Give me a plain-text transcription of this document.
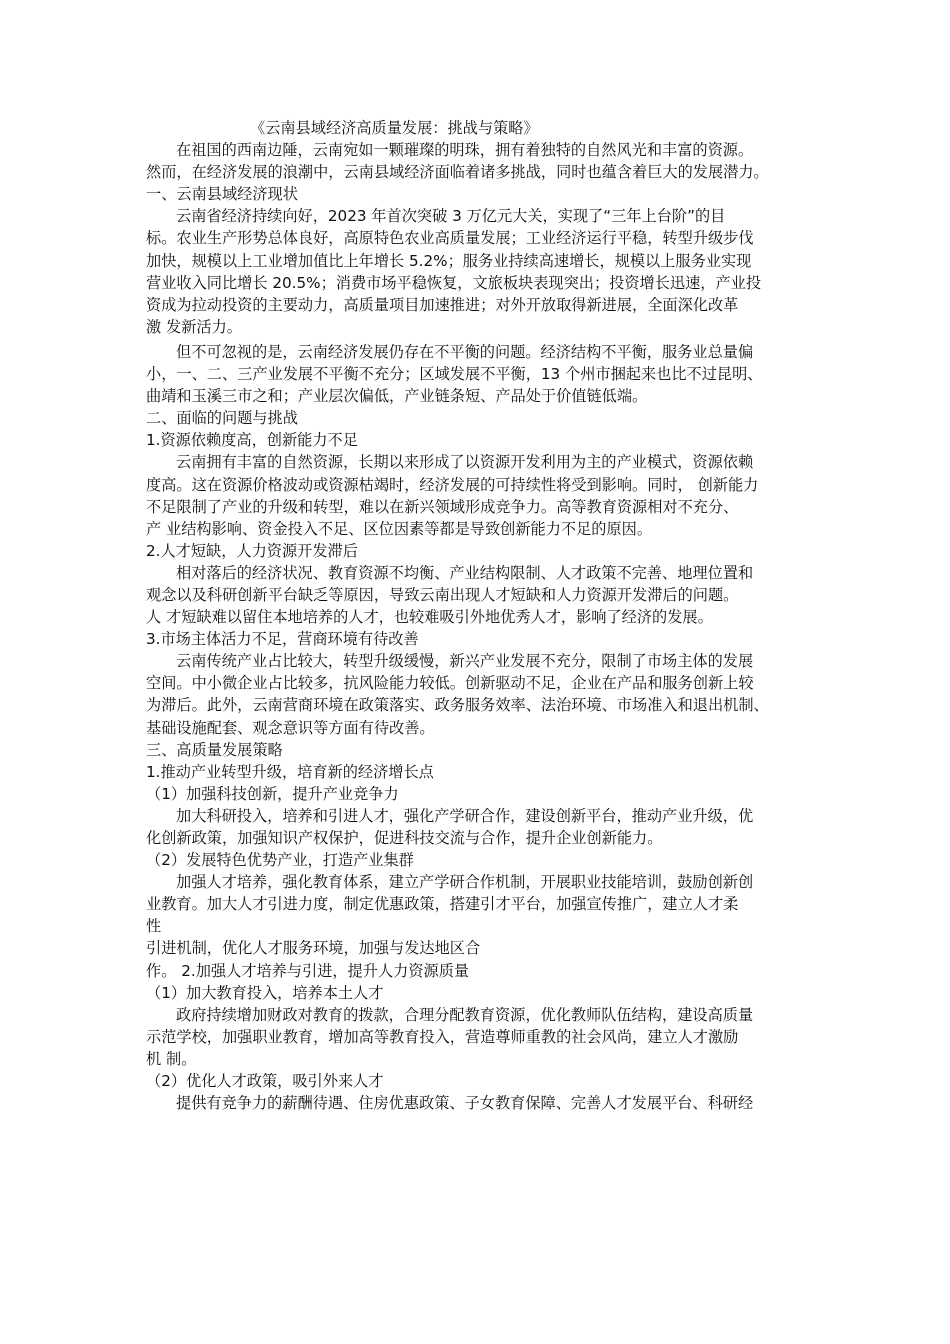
《云南县域经济高质量发展：挑战与策略》
在祖国的西南边陲，云南宛如一颗璀璨的明珠，拥有着独特的自然风光和丰富的资源。
然而，在经济发展的浪潮中，云南县域经济面临着诸多挑战，同时也蕴含着巨大的发展潜力。
一、云南县域经济现状
云南省经济持续向好，2023 年首次突破 3 万亿元大关，实现了“三年上台阶”的目
标。农业生产形势总体良好，高原特色农业高质量发展；工业经济运行平稳，转型升级步伐
加快，规模以上工业增加值比上年增长 5.2%；服务业持续高速增长，规模以上服务业实现
营业收入同比增长 20.5%；消费市场平稳恢复，文旅板块表现突出；投资增长迅速，产业投
资成为拉动投资的主要动力，高质量项目加速推进；对外开放取得新进展，全面深化改革
激 发新活力。
但不可忽视的是，云南经济发展仍存在不平衡的问题。经济结构不平衡，服务业总量偏
小，一、二、三产业发展不平衡不充分；区域发展不平衡，13 个州市捆起来也比不过昆明、
曲靖和玉溪三市之和；产业层次偏低，产业链条短、产品处于价值链低端。
二、面临的问题与挑战
1.资源依赖度高，创新能力不足
云南拥有丰富的自然资源，长期以来形成了以资源开发利用为主的产业模式，资源依赖
度高。这在资源价格波动或资源枯竭时，经济发展的可持续性将受到影响。同时， 创新能力
不足限制了产业的升级和转型，难以在新兴领域形成竞争力。高等教育资源相对不充分、
产 业结构影响、资金投入不足、区位因素等都是导致创新能力不足的原因。
2.人才短缺，人力资源开发滞后
相对落后的经济状况、教育资源不均衡、产业结构限制、人才政策不完善、地理位置和
观念以及科研创新平台缺乏等原因，导致云南出现人才短缺和人力资源开发滞后的问题。
人 才短缺难以留住本地培养的人才，也较难吸引外地优秀人才，影响了经济的发展。
3.市场主体活力不足，营商环境有待改善
云南传统产业占比较大，转型升级缓慢，新兴产业发展不充分，限制了市场主体的发展
空间。中小微企业占比较多，抗风险能力较低。创新驱动不足，企业在产品和服务创新上较
为滞后。此外，云南营商环境在政策落实、政务服务效率、法治环境、市场准入和退出机制、
基础设施配套、观念意识等方面有待改善。
三、高质量发展策略
1.推动产业转型升级，培育新的经济增长点
（1）加强科技创新，提升产业竞争力
加大科研投入，培养和引进人才，强化产学研合作，建设创新平台，推动产业升级，优
化创新政策，加强知识产权保护，促进科技交流与合作，提升企业创新能力。
（2）发展特色优势产业，打造产业集群
加强人才培养，强化教育体系，建立产学研合作机制，开展职业技能培训，鼓励创新创
业教育。加大人才引进力度，制定优惠政策，搭建引才平台，加强宣传推广，建立人才柔
性
引进机制，优化人才服务环境，加强与发达地区合
作。 2.加强人才培养与引进，提升人力资源质量
（1）加大教育投入，培养本土人才
政府持续增加财政对教育的拨款，合理分配教育资源，优化教师队伍结构，建设高质量
示范学校，加强职业教育，增加高等教育投入，营造尊师重教的社会风尚，建立人才激励
机 制。
（2）优化人才政策，吸引外来人才
提供有竞争力的薪酬待遇、住房优惠政策、子女教育保障、完善人才发展平台、科研经
